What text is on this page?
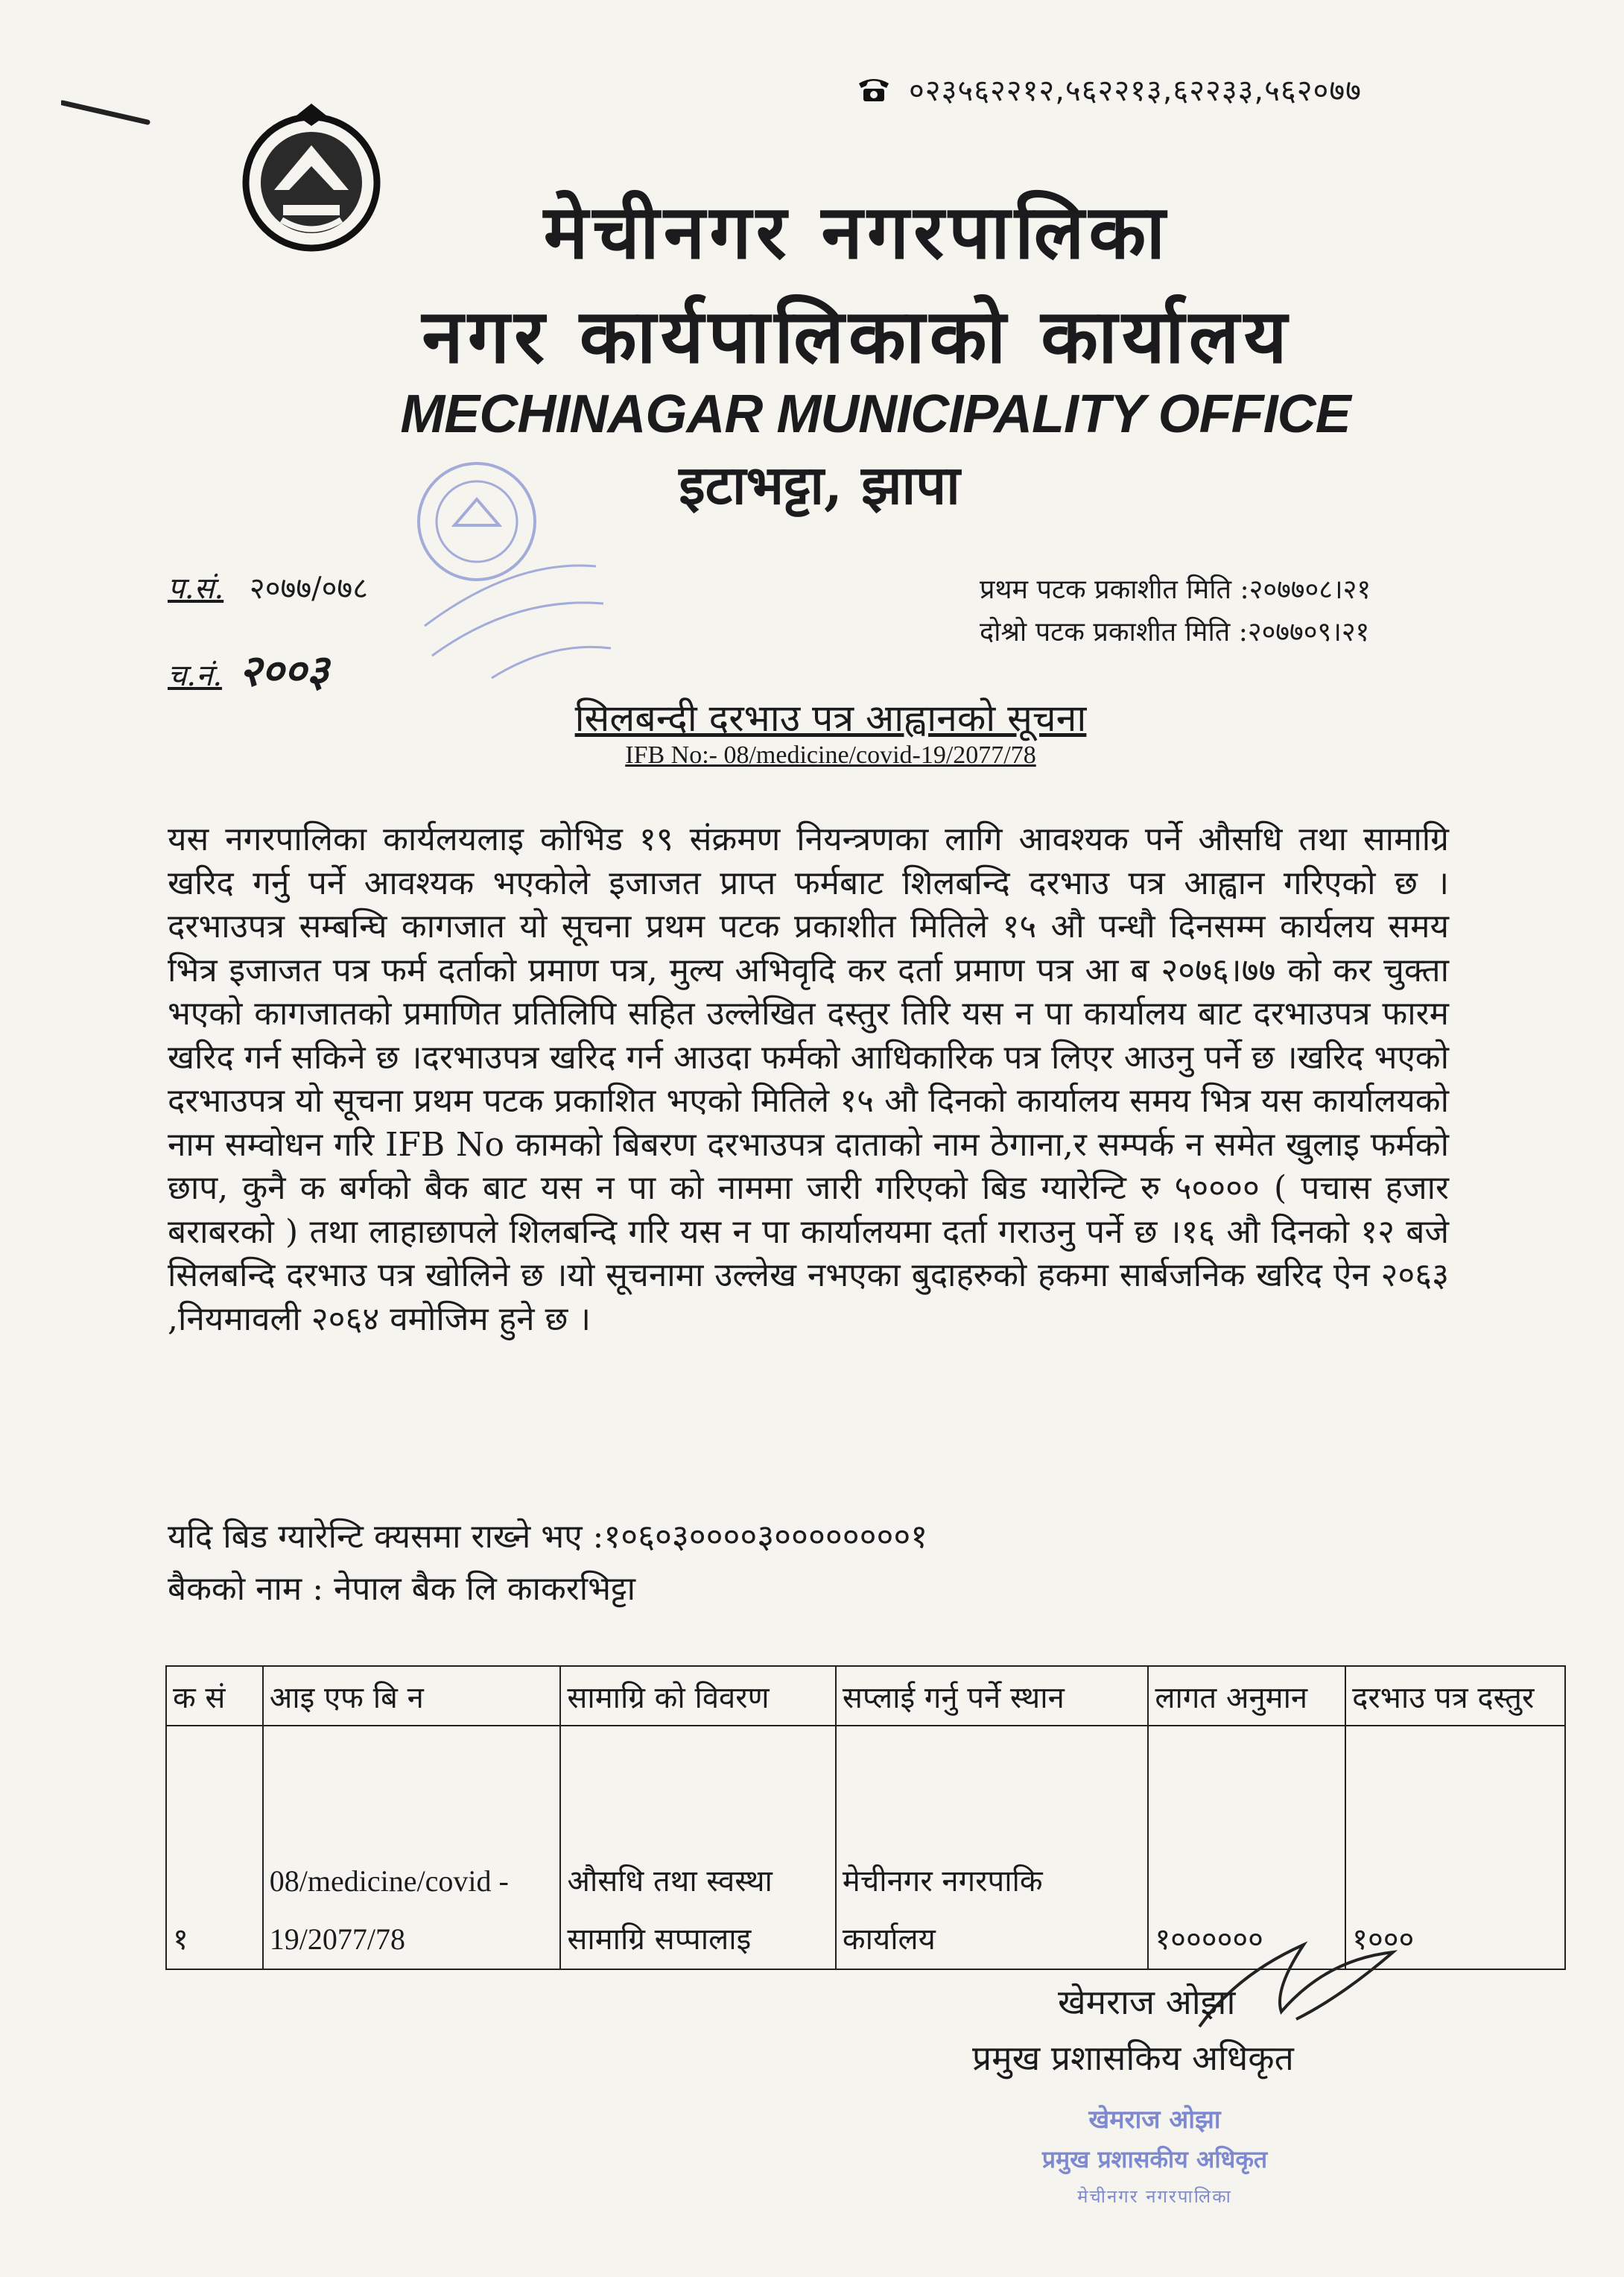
०२३५६२२१२,५६२२१३,६२२३३,५६२०७७
मेचीनगर नगरपालिका
नगर कार्यपालिकाको कार्यालय
MECHINAGAR MUNICIPALITY OFFICE
इटाभट्टा, झापा
प.सं. २०७७/०७८
च.नं. २००३
प्रथम पटक प्रकाशीत मिति :२०७७०८।२१
दोश्रो पटक प्रकाशीत मिति :२०७७०९।२१
सिलबन्दी दरभाउ पत्र आह्वानको सूचना
IFB No:- 08/medicine/covid-19/2077/78
यस नगरपालिका कार्यलयलाइ कोभिड १९ संक्रमण नियन्त्रणका लागि आवश्यक पर्ने औसधि तथा सामाग्रि खरिद गर्नु पर्ने आवश्यक भएकोले इजाजत प्राप्त फर्मबाट शिलबन्दि दरभाउ पत्र आह्वान गरिएको छ । दरभाउपत्र सम्बन्घि कागजात यो सूचना प्रथम पटक प्रकाशीत मितिले १५ औ पन्धौ दिनसम्म कार्यलय समय भित्र इजाजत पत्र फर्म दर्ताको प्रमाण पत्र, मुल्य अभिवृदि कर दर्ता प्रमाण पत्र आ ब २०७६।७७ को कर चुक्ता भएको कागजातको प्रमाणित प्रतिलिपि सहित उल्लेखित दस्तुर तिरि यस न पा कार्यालय बाट दरभाउपत्र फारम खरिद गर्न सकिने छ ।दरभाउपत्र खरिद गर्न आउदा फर्मको आधिकारिक पत्र लिएर आउनु पर्ने छ ।खरिद भएको दरभाउपत्र यो सूचना प्रथम पटक प्रकाशित भएको मितिले १५ औ दिनको कार्यालय समय भित्र यस कार्यालयको नाम सम्वोधन गरि IFB No कामको बिबरण दरभाउपत्र दाताको नाम ठेगाना,र सम्पर्क न समेत खुलाइ फर्मको छाप, कुनै क बर्गको बैक बाट यस न पा को नाममा जारी गरिएको बिड ग्यारेन्टि रु ५०००० ( पचास हजार बराबरको ) तथा लाहाछापले शिलबन्दि गरि यस न पा कार्यालयमा दर्ता गराउनु पर्ने छ ।१६ औ दिनको १२ बजे सिलबन्दि दरभाउ पत्र खोलिने छ ।यो सूचनामा उल्लेख नभएका बुदाहरुको हकमा सार्बजनिक खरिद ऐन २०६३ ,नियमावली २०६४ वमोजिम हुने छ ।
यदि बिड ग्यारेन्टि क्यसमा राख्ने भए :१०६०३००००३००००००००१
बैकको नाम : नेपाल बैक लि काकरभिट्टा
क सं	आइ एफ बि न	सामाग्रि को विवरण	सप्लाई गर्नु पर्ने स्थान	लागत अनुमान	दरभाउ पत्र दस्तुर
१	08/medicine/covid - 19/2077/78	औसधि तथा स्वस्था सामाग्रि सप्पालाइ	मेचीनगर नगरपाकि कार्यालय	१००००००	१०००
खेमराज ओझा
प्रमुख प्रशासकिय अधिकृत
खेमराज ओझा
प्रमुख प्रशासकीय अधिकृत
मेचीनगर नगरपालिका
